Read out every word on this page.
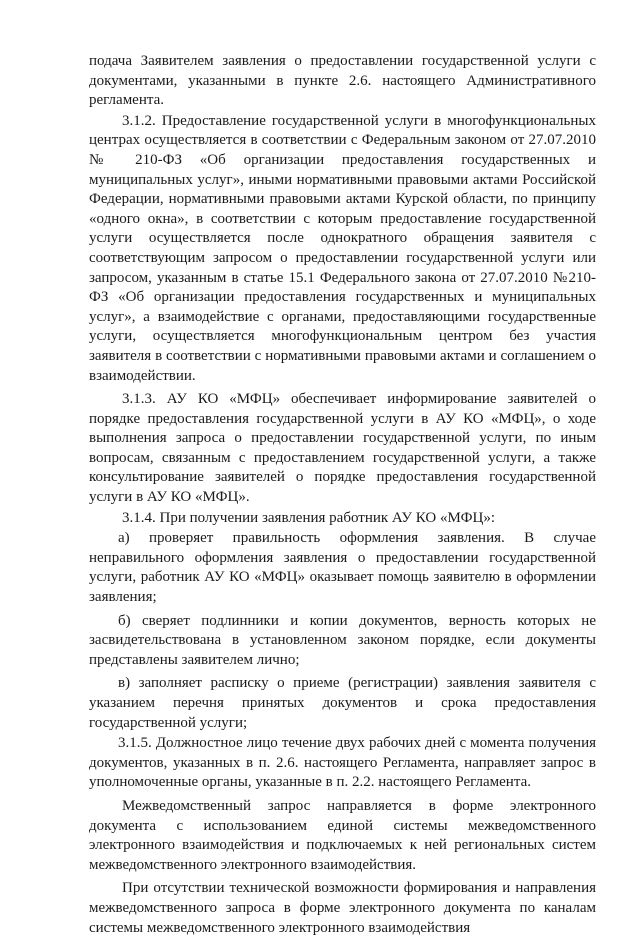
подача Заявителем заявления о предоставлении государственной услуги с документами, указанными в пункте 2.6. настоящего Административного регламента.

3.1.2. Предоставление государственной услуги в многофункциональных центрах осуществляется в соответствии с Федеральным законом от 27.07.2010 № 210-ФЗ «Об организации предоставления государственных и муниципальных услуг», иными нормативными правовыми актами Российской Федерации, нормативными правовыми актами Курской области, по принципу «одного окна», в соответствии с которым предоставление государственной услуги осуществляется после однократного обращения заявителя с соответствующим запросом о предоставлении государственной услуги или запросом, указанным в статье 15.1 Федерального закона от 27.07.2010 №210-ФЗ «Об организации предоставления государственных и муниципальных услуг», а взаимодействие с органами, предоставляющими государственные услуги, осуществляется многофункциональным центром без участия заявителя в соответствии с нормативными правовыми актами и соглашением о взаимодействии.

3.1.3. АУ КО «МФЦ» обеспечивает информирование заявителей о порядке предоставления государственной услуги в АУ КО «МФЦ», о ходе выполнения запроса о предоставлении государственной услуги, по иным вопросам, связанным с предоставлением государственной услуги, а также консультирование заявителей о порядке предоставления государственной услуги в АУ КО «МФЦ».

3.1.4. При получении заявления работник АУ КО «МФЦ»:

а) проверяет правильность оформления заявления. В случае неправильного оформления заявления о предоставлении государственной услуги, работник АУ КО «МФЦ» оказывает помощь заявителю в оформлении заявления;

б) сверяет подлинники и копии документов, верность которых не засвидетельствована в установленном законом порядке, если документы представлены заявителем лично;

в) заполняет расписку о приеме (регистрации) заявления заявителя с указанием перечня принятых документов и срока предоставления государственной услуги;

3.1.5. Должностное лицо течение двух рабочих дней с момента получения документов, указанных в п. 2.6. настоящего Регламента, направляет запрос в уполномоченные органы, указанные в п. 2.2. настоящего Регламента.

Межведомственный запрос направляется в форме электронного документа с использованием единой системы межведомственного электронного взаимодействия и подключаемых к ней региональных систем межведомственного электронного взаимодействия.

При отсутствии технической возможности формирования и направления межведомственного запроса в форме электронного документа по каналам системы межведомственного электронного взаимодействия
